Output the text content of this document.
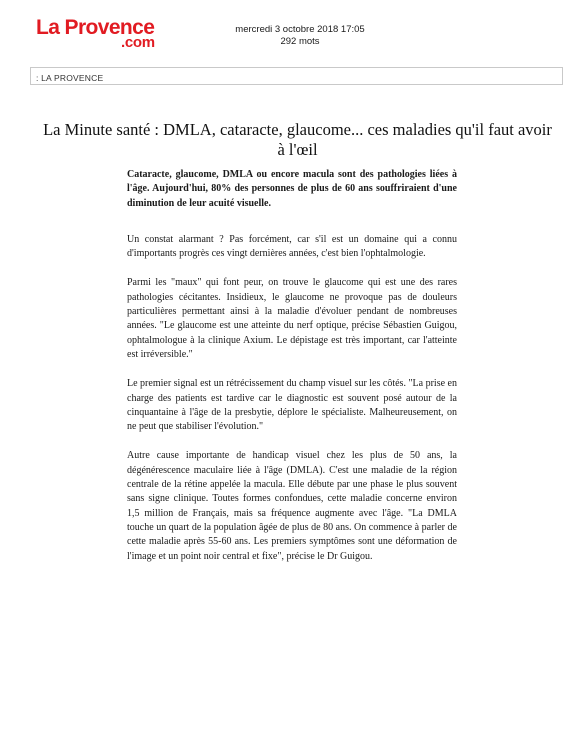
La Provence
.com
mercredi 3 octobre 2018 17:05
292 mots
: LA PROVENCE
La Minute santé : DMLA, cataracte, glaucome... ces maladies qu'il faut avoir à l'œil

Cataracte, glaucome, DMLA ou encore macula sont des pathologies liées à l'âge. Aujourd'hui, 80% des personnes de plus de 60 ans souffriraient d'une diminution de leur acuité visuelle.

Un constat alarmant ? Pas forcément, car s'il est un domaine qui a connu d'importants progrès ces vingt dernières années, c'est bien l'ophtalmologie.

Parmi les "maux" qui font peur, on trouve le glaucome qui est une des rares pathologies cécitantes. Insidieux, le glaucome ne provoque pas de douleurs particulières permettant ainsi à la maladie d'évoluer pendant de nombreuses années. "Le glaucome est une atteinte du nerf optique, précise Sébastien Guigou, ophtalmologue à la clinique Axium. Le dépistage est très important, car l'atteinte est irréversible."

Le premier signal est un rétrécissement du champ visuel sur les côtés. "La prise en charge des patients est tardive car le diagnostic est souvent posé autour de la cinquantaine à l'âge de la presbytie, déplore le spécialiste. Malheureusement, on ne peut que stabiliser l'évolution."

Autre cause importante de handicap visuel chez les plus de 50 ans, la dégénérescence maculaire liée à l'âge (DMLA). C'est une maladie de la région centrale de la rétine appelée la macula. Elle débute par une phase le plus souvent sans signe clinique. Toutes formes confondues, cette maladie concerne environ 1,5 million de Français, mais sa fréquence augmente avec l'âge. "La DMLA touche un quart de la population âgée de plus de 80 ans. On commence à parler de cette maladie après 55-60 ans. Les premiers symptômes sont une déformation de l'image et un point noir central et fixe", précise le Dr Guigou.
